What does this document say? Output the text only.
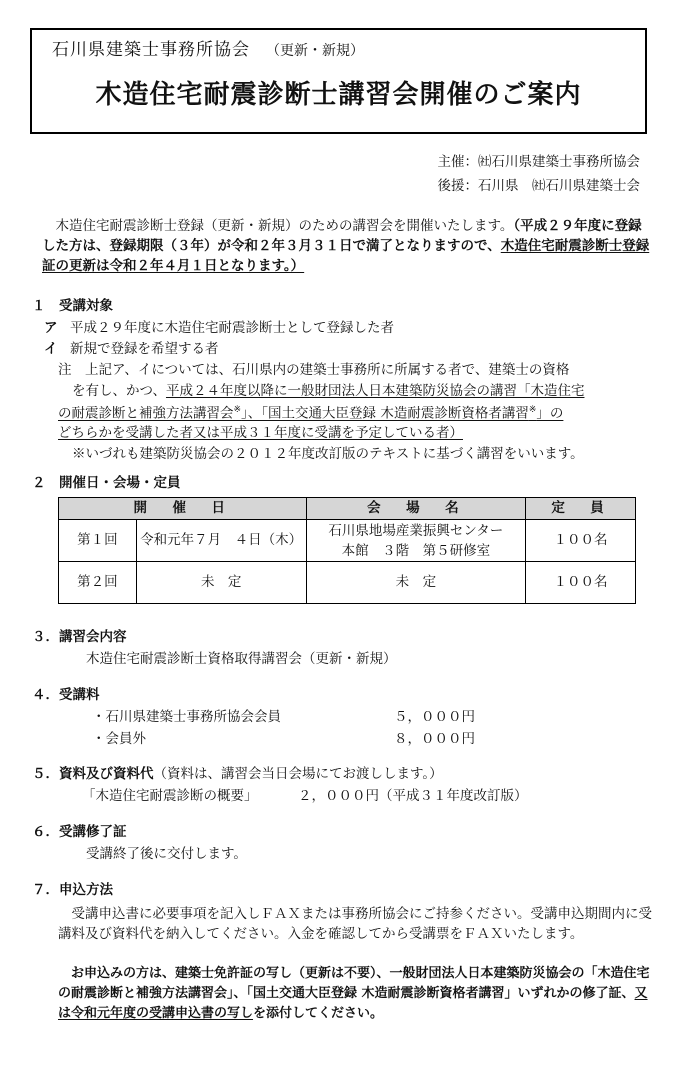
石川県建築士事務所協会 （更新・新規）
木造住宅耐震診断士講習会開催のご案内
主催：㈳石川県建築士事務所協会
後援：石川県　㈳石川県建築士会

木造住宅耐震診断士登録（更新・新規）のための講習会を開催いたします。（平成２９年度に登録した方は、登録期限（３年）が令和２年３月３１日で満了となりますので、木造住宅耐震診断士登録証の更新は令和２年４月１日となります。）

１　受講対象
ア 平成２９年度に木造住宅耐震診断士として登録した者
イ 新規で登録を希望する者
注　上記ア、イについては、石川県内の建築士事務所に所属する者で、建築士の資格
を有し、かつ、平成２４年度以降に一般財団法人日本建築防災協会の講習「木造住宅
の耐震診断と補強方法講習会※」、「国土交通大臣登録 木造耐震診断資格者講習※」の
どちらかを受講した者又は平成３１年度に受講を予定している者）
※いづれも建築防災協会の２０１２年度改訂版のテキストに基づく講習をいいます。
２　開催日・会場・定員
開　催　日		会　場　名	定　員
第１回	令和元年７月　４日（木）	石川県地場産業振興センター
本館　３階　第５研修室	１００名
第２回	未　定	未　定	１００名
３．講習会内容
木造住宅耐震診断士資格取得講習会（更新・新規）
４．受講料
・石川県建築士事務所協会会員	５，０００円
・会員外	８，０００円
５．資料及び資料代（資料は、講習会当日会場にてお渡しします。）
「木造住宅耐震診断の概要」	２，０００円（平成３１年度改訂版）
６．受講修了証
受講終了後に交付します。
７．申込方法

受講申込書に必要事項を記入しＦＡＸまたは事務所協会にご持参ください。受講申込期間内に受講料及び資料代を納入してください。入金を確認してから受講票をＦＡＸいたします。

お申込みの方は、建築士免許証の写し（更新は不要）、一般財団法人日本建築防災協会の「木造住宅の耐震診断と補強方法講習会」、「国土交通大臣登録 木造耐震診断資格者講習」いずれかの修了証、又は令和元年度の受講申込書の写しを添付してください。
